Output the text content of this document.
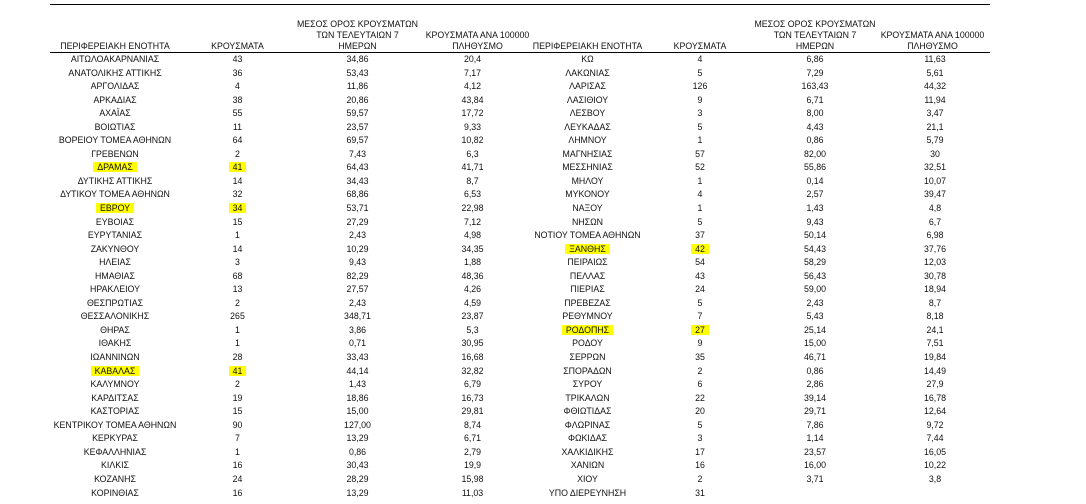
ΠΕΡΙΦΕΡΕΙΑΚΗ ΕΝΟΤΗΤΑ	ΚΡΟΥΣΜΑΤΑ
ΜΕΣΟΣ ΟΡΟΣ ΚΡΟΥΣΜΑΤΩΝ
ΤΩΝ ΤΕΛΕΥΤΑΙΩΝ 7
ΗΜΕΡΩΝ
ΚΡΟΥΣΜΑΤΑ ΑΝΑ 100000
ΠΛΗΘΥΣΜΟ	ΠΕΡΙΦΕΡΕΙΑΚΗ ΕΝΟΤΗΤΑ	ΚΡΟΥΣΜΑΤΑ
ΜΕΣΟΣ ΟΡΟΣ ΚΡΟΥΣΜΑΤΩΝ
ΤΩΝ ΤΕΛΕΥΤΑΙΩΝ 7
ΗΜΕΡΩΝ
ΚΡΟΥΣΜΑΤΑ ΑΝΑ 100000
ΠΛΗΘΥΣΜΟ
ΑΙΤΩΛΟΑΚΑΡΝΑΝΙΑΣ	43	34,86	20,4
ΑΝΑΤΟΛΙΚΗΣ ΑΤΤΙΚΗΣ	36	53,43	7,17
ΑΡΓΟΛΙΔΑΣ	4	11,86	4,12
ΑΡΚΑΔΙΑΣ	38	20,86	43,84
ΑΧΑΪΑΣ	55	59,57	17,72
ΒΟΙΩΤΙΑΣ	11	23,57	9,33
ΒΟΡΕΙΟΥ ΤΟΜΕΑ ΑΘΗΝΩΝ	64	69,57	10,82
ΓΡΕΒΕΝΩΝ	2	7,43	6,3
ΔΡΑΜΑΣ	41	64,43	41,71
ΔΥΤΙΚΗΣ ΑΤΤΙΚΗΣ	14	34,43	8,7
ΔΥΤΙΚΟΥ ΤΟΜΕΑ ΑΘΗΝΩΝ	32	68,86	6,53
ΕΒΡΟΥ	34	53,71	22,98
ΕΥΒΟΙΑΣ	15	27,29	7,12
ΕΥΡΥΤΑΝΙΑΣ	1	2,43	4,98
ΖΑΚΥΝΘΟΥ	14	10,29	34,35
ΗΛΕΙΑΣ	3	9,43	1,88
ΗΜΑΘΙΑΣ	68	82,29	48,36
ΗΡΑΚΛΕΙΟΥ	13	27,57	4,26
ΘΕΣΠΡΩΤΙΑΣ	2	2,43	4,59
ΘΕΣΣΑΛΟΝΙΚΗΣ	265	348,71	23,87
ΘΗΡΑΣ	1	3,86	5,3
ΙΘΑΚΗΣ	1	0,71	30,95
ΙΩΑΝΝΙΝΩΝ	28	33,43	16,68
ΚΑΒΑΛΑΣ	41	44,14	32,82
ΚΑΛΥΜΝΟΥ	2	1,43	6,79
ΚΑΡΔΙΤΣΑΣ	19	18,86	16,73
ΚΑΣΤΟΡΙΑΣ	15	15,00	29,81
ΚΕΝΤΡΙΚΟΥ ΤΟΜΕΑ ΑΘΗΝΩΝ	90	127,00	8,74
ΚΕΡΚΥΡΑΣ	7	13,29	6,71
ΚΕΦΑΛΛΗΝΙΑΣ	1	0,86	2,79
ΚΙΛΚΙΣ	16	30,43	19,9
ΚΟΖΑΝΗΣ	24	28,29	15,98
ΚΟΡΙΝΘΙΑΣ	16	13,29	11,03
ΚΩ	4	6,86	11,63
ΛΑΚΩΝΙΑΣ	5	7,29	5,61
ΛΑΡΙΣΑΣ	126	163,43	44,32
ΛΑΣΙΘΙΟΥ	9	6,71	11,94
ΛΕΣΒΟΥ	3	8,00	3,47
ΛΕΥΚΑΔΑΣ	5	4,43	21,1
ΛΗΜΝΟΥ	1	0,86	5,79
ΜΑΓΝΗΣΙΑΣ	57	82,00	30
ΜΕΣΣΗΝΙΑΣ	52	55,86	32,51
ΜΗΛΟΥ	1	0,14	10,07
ΜΥΚΟΝΟΥ	4	2,57	39,47
ΝΑΞΟΥ	1	1,43	4,8
ΝΗΣΩΝ	5	9,43	6,7
ΝΟΤΙΟΥ ΤΟΜΕΑ ΑΘΗΝΩΝ	37	50,14	6,98
ΞΑΝΘΗΣ	42	54,43	37,76
ΠΕΙΡΑΙΩΣ	54	58,29	12,03
ΠΕΛΛΑΣ	43	56,43	30,78
ΠΙΕΡΙΑΣ	24	59,00	18,94
ΠΡΕΒΕΖΑΣ	5	2,43	8,7
ΡΕΘΥΜΝΟΥ	7	5,43	8,18
ΡΟΔΟΠΗΣ	27	25,14	24,1
ΡΟΔΟΥ	9	15,00	7,51
ΣΕΡΡΩΝ	35	46,71	19,84
ΣΠΟΡΑΔΩΝ	2	0,86	14,49
ΣΥΡΟΥ	6	2,86	27,9
ΤΡΙΚΑΛΩΝ	22	39,14	16,78
ΦΘΙΩΤΙΔΑΣ	20	29,71	12,64
ΦΛΩΡΙΝΑΣ	5	7,86	9,72
ΦΩΚΙΔΑΣ	3	1,14	7,44
ΧΑΛΚΙΔΙΚΗΣ	17	23,57	16,05
ΧΑΝΙΩΝ	16	16,00	10,22
ΧΙΟΥ	2	3,71	3,8
ΥΠΟ ΔΙΕΡΕΥΝΗΣΗ	31		
